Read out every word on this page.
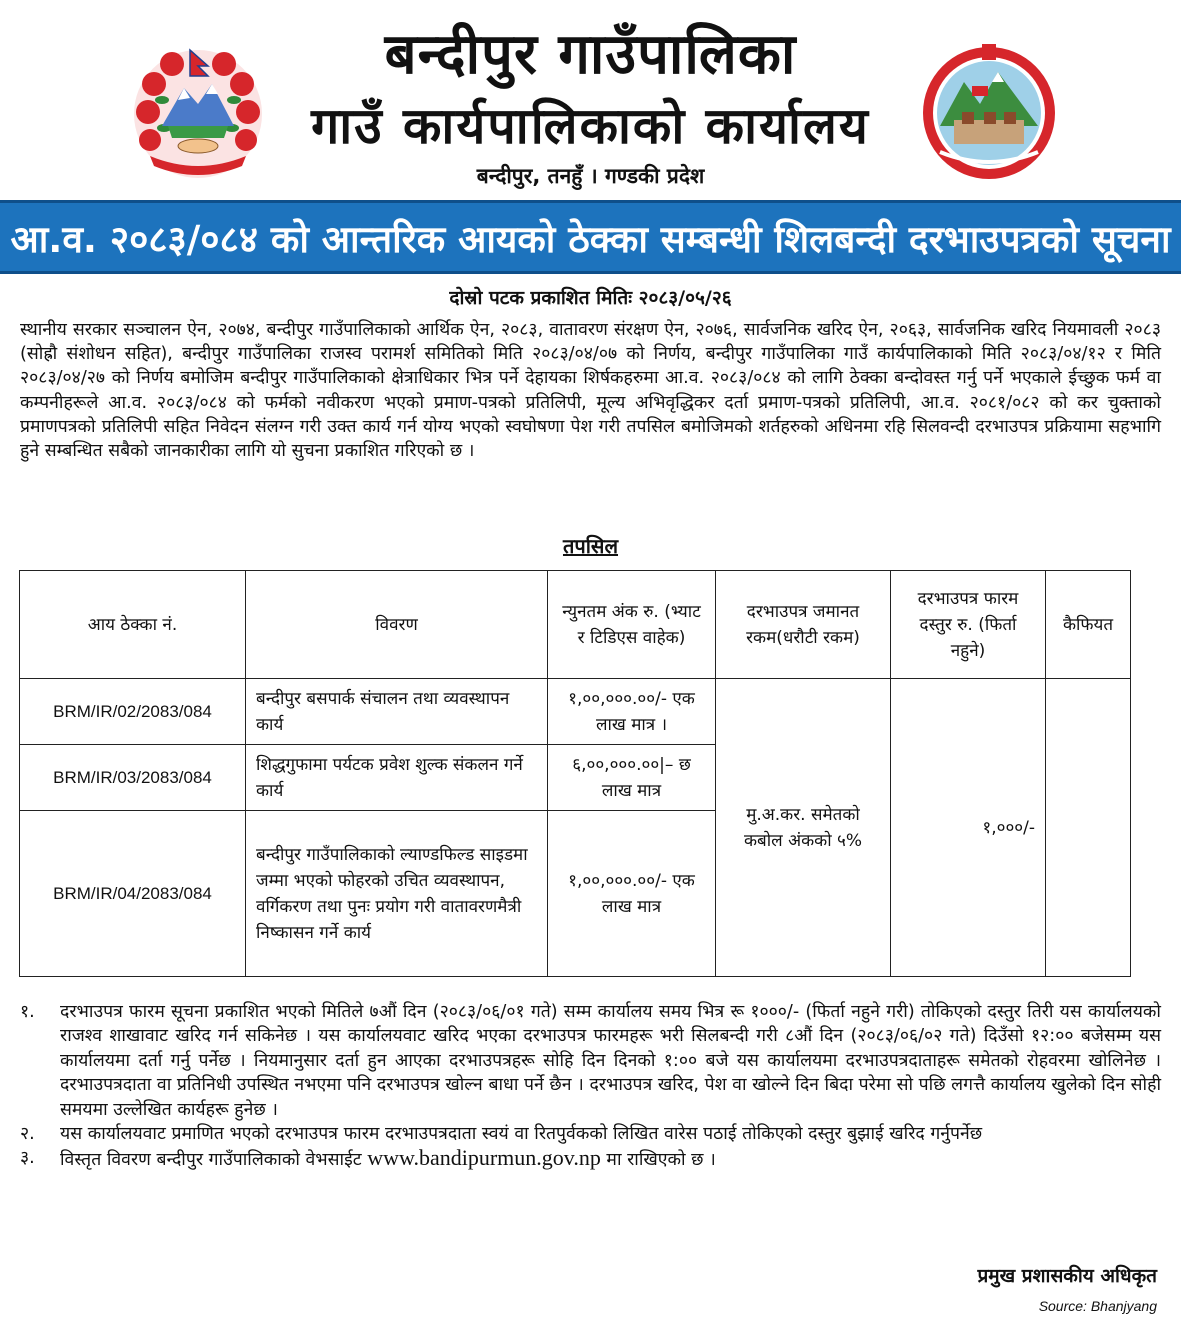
बन्दीपुर गाउँपालिका
गाउँ कार्यपालिकाको कार्यालय
बन्दीपुर, तनहुँ । गण्डकी प्रदेश
आ.व. २०८३/०८४ को आन्तरिक आयको ठेक्का सम्बन्धी शिलबन्दी दरभाउपत्रको सूचना
दोस्रो पटक प्रकाशित मितिः २०८३/०५/२६
स्थानीय सरकार सञ्चालन ऐन, २०७४, बन्दीपुर गाउँपालिकाको आर्थिक ऐन, २०८३, वातावरण संरक्षण ऐन, २०७६, सार्वजनिक खरिद ऐन, २०६३, सार्वजनिक खरिद नियमावली २०८३ (सोह्रौ संशोधन सहित), बन्दीपुर गाउँपालिका राजस्व परामर्श समितिको मिति २०८३/०४/०७ को निर्णय, बन्दीपुर गाउँपालिका गाउँ कार्यपालिकाको मिति २०८३/०४/१२ र मिति २०८३/०४/२७ को निर्णय बमोजिम बन्दीपुर गाउँपालिकाको क्षेत्राधिकार भित्र पर्ने देहायका शिर्षकहरुमा आ.व. २०८३/०८४ को लागि ठेक्का बन्दोवस्त गर्नु पर्ने भएकाले ईच्छुक फर्म वा कम्पनीहरूले आ.व. २०८३/०८४ को फर्मको नवीकरण भएको प्रमाण-पत्रको प्रतिलिपी, मूल्य अभिवृद्धिकर दर्ता प्रमाण-पत्रको प्रतिलिपी, आ.व. २०८१/०८२ को कर चुक्ताको प्रमाणपत्रको प्रतिलिपी सहित निवेदन संलग्न गरी उक्त कार्य गर्न योग्य भएको स्वघोषणा पेश गरी तपसिल बमोजिमको शर्तहरुको अधिनमा रहि सिलवन्दी दरभाउपत्र प्रक्रियामा सहभागि हुने सम्बन्धित सबैको जानकारीका लागि यो सुचना प्रकाशित गरिएको छ ।
तपसिल
आय ठेक्का नं.	विवरण	न्युनतम अंक रु. (भ्याट र टिडिएस वाहेक)	दरभाउपत्र जमानत रकम(धरौटी रकम)	दरभाउपत्र फारम दस्तुर रु. (फिर्ता नहुने)	कैफियत
BRM/IR/02/2083/084	बन्दीपुर बसपार्क संचालन तथा व्यवस्थापन कार्य	१,००,०००.००/- एक लाख मात्र ।	मु.अ.कर. समेतको कबोल अंकको ५%	१,०००/-	
BRM/IR/03/2083/084	शिद्धगुफामा पर्यटक प्रवेश शुल्क संकलन गर्ने कार्य	६,००,०००.००|– छ लाख मात्र			
BRM/IR/04/2083/084	बन्दीपुर गाउँपालिकाको ल्याण्डफिल्ड साइडमा जम्मा भएको फोहरको उचित व्यवस्थापन, वर्गिकरण तथा पुनः प्रयोग गरी वातावरणमैत्री निष्कासन गर्ने कार्य	१,००,०००.००/- एक लाख मात्र			
१.	दरभाउपत्र फारम सूचना प्रकाशित भएको मितिले ७औं दिन (२०८३/०६/०१ गते) सम्म कार्यालय समय भित्र रू १०००/- (फिर्ता नहुने गरी) तोकिएको दस्तुर तिरी यस कार्यालयको राजश्व शाखावाट खरिद गर्न सकिनेछ । यस कार्यालयवाट खरिद भएका दरभाउपत्र फारमहरू भरी सिलबन्दी गरी ८औं दिन (२०८३/०६/०२ गते) दिउँसो १२:०० बजेसम्म यस कार्यालयमा दर्ता गर्नु पर्नेछ । नियमानुसार दर्ता हुन आएका दरभाउपत्रहरू सोहि दिन दिनको १:०० बजे यस कार्यालयमा दरभाउपत्रदाताहरू समेतको रोहवरमा खोलिनेछ । दरभाउपत्रदाता वा प्रतिनिधी उपस्थित नभएमा पनि दरभाउपत्र खोल्न बाधा पर्ने छैन । दरभाउपत्र खरिद, पेश वा खोल्ने दिन बिदा परेमा सो पछि लगत्तै कार्यालय खुलेको दिन सोही समयमा उल्लेखित कार्यहरू हुनेछ ।
२.	यस कार्यालयवाट प्रमाणित भएको दरभाउपत्र फारम दरभाउपत्रदाता स्वयं वा रितपुर्वकको लिखित वारेस पठाई तोकिएको दस्तुर बुझाई खरिद गर्नुपर्नेछ
३.	विस्तृत विवरण बन्दीपुर गाउँपालिकाको वेभसाईट www.bandipurmun.gov.np मा राखिएको छ ।
प्रमुख प्रशासकीय अधिकृत
Source: Bhanjyang
